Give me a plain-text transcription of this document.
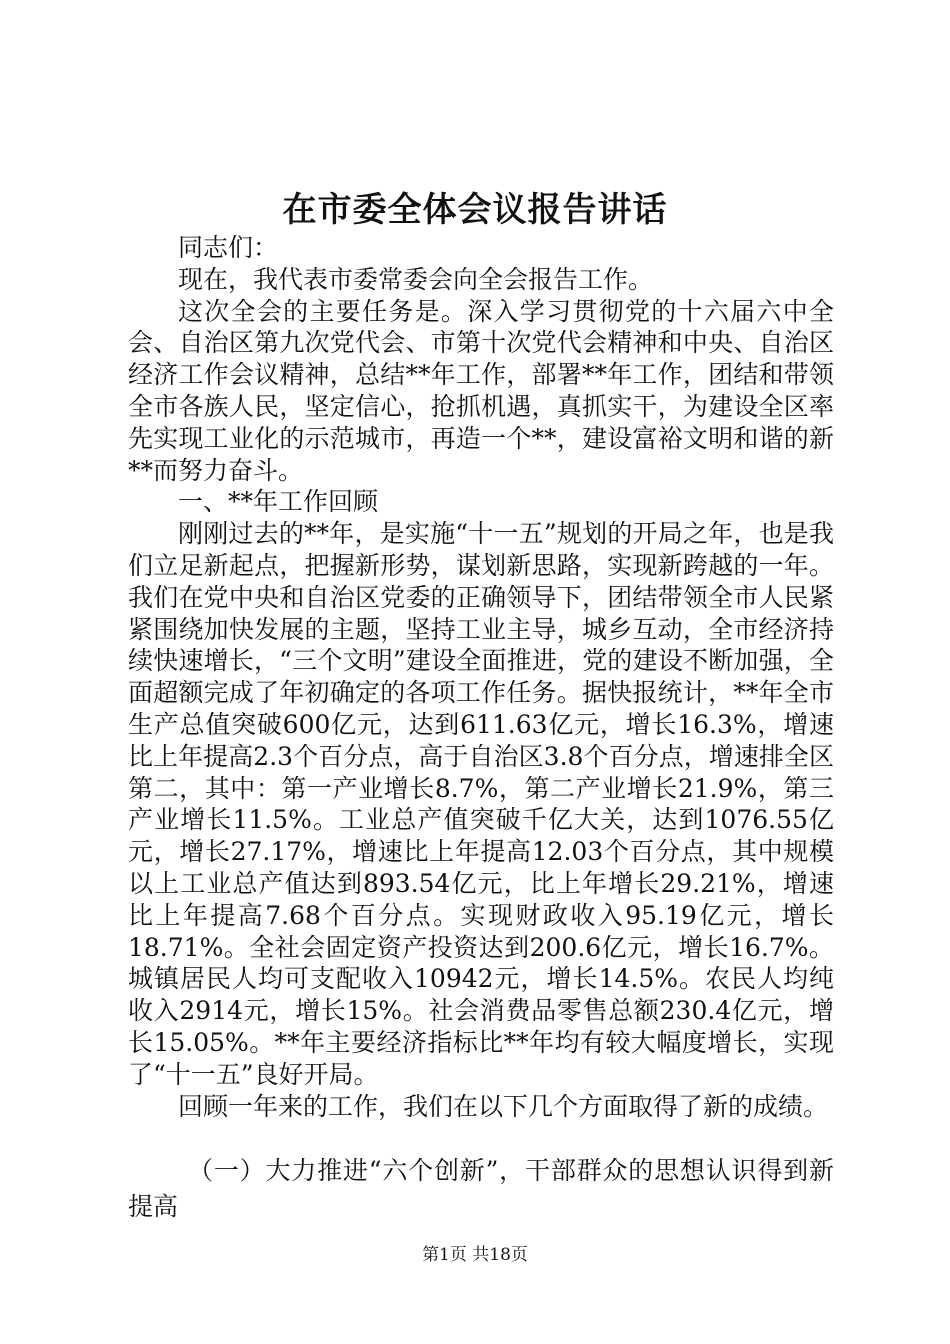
在市委全体会议报告讲话

同志们：

现在，我代表市委常委会向全会报告工作。

这次全会的主要任务是。深入学习贯彻党的十六届六中全会、自治区第九次党代会、市第十次党代会精神和中央、自治区经济工作会议精神，总结**年工作，部署**年工作，团结和带领全市各族人民，坚定信心，抢抓机遇，真抓实干，为建设全区率先实现工业化的示范城市，再造一个**，建设富裕文明和谐的新**而努力奋斗。

一、**年工作回顾

刚刚过去的**年，是实施“十一五”规划的开局之年，也是我们立足新起点，把握新形势，谋划新思路，实现新跨越的一年。我们在党中央和自治区党委的正确领导下，团结带领全市人民紧紧围绕加快发展的主题，坚持工业主导，城乡互动，全市经济持续快速增长，“三个文明”建设全面推进，党的建设不断加强，全面超额完成了年初确定的各项工作任务。据快报统计，**年全市生产总值突破600亿元，达到611.63亿元，增长16.3%，增速比上年提高2.3个百分点，高于自治区3.8个百分点，增速排全区第二，其中：第一产业增长8.7%，第二产业增长21.9%，第三产业增长11.5%。工业总产值突破千亿大关，达到1076.55亿元，增长27.17%，增速比上年提高12.03个百分点，其中规模以上工业总产值达到893.54亿元，比上年增长29.21%，增速比上年提高7.68个百分点。实现财政收入95.19亿元，增长18.71%。全社会固定资产投资达到200.6亿元，增长16.7%。城镇居民人均可支配收入10942元，增长14.5%。农民人均纯收入2914元，增长15%。社会消费品零售总额230.4亿元，增长15.05%。**年主要经济指标比**年均有较大幅度增长，实现了“十一五”良好开局。

回顾一年来的工作，我们在以下几个方面取得了新的成绩。

（一）大力推进“六个创新”，干部群众的思想认识得到新提高

第1页 共18页
